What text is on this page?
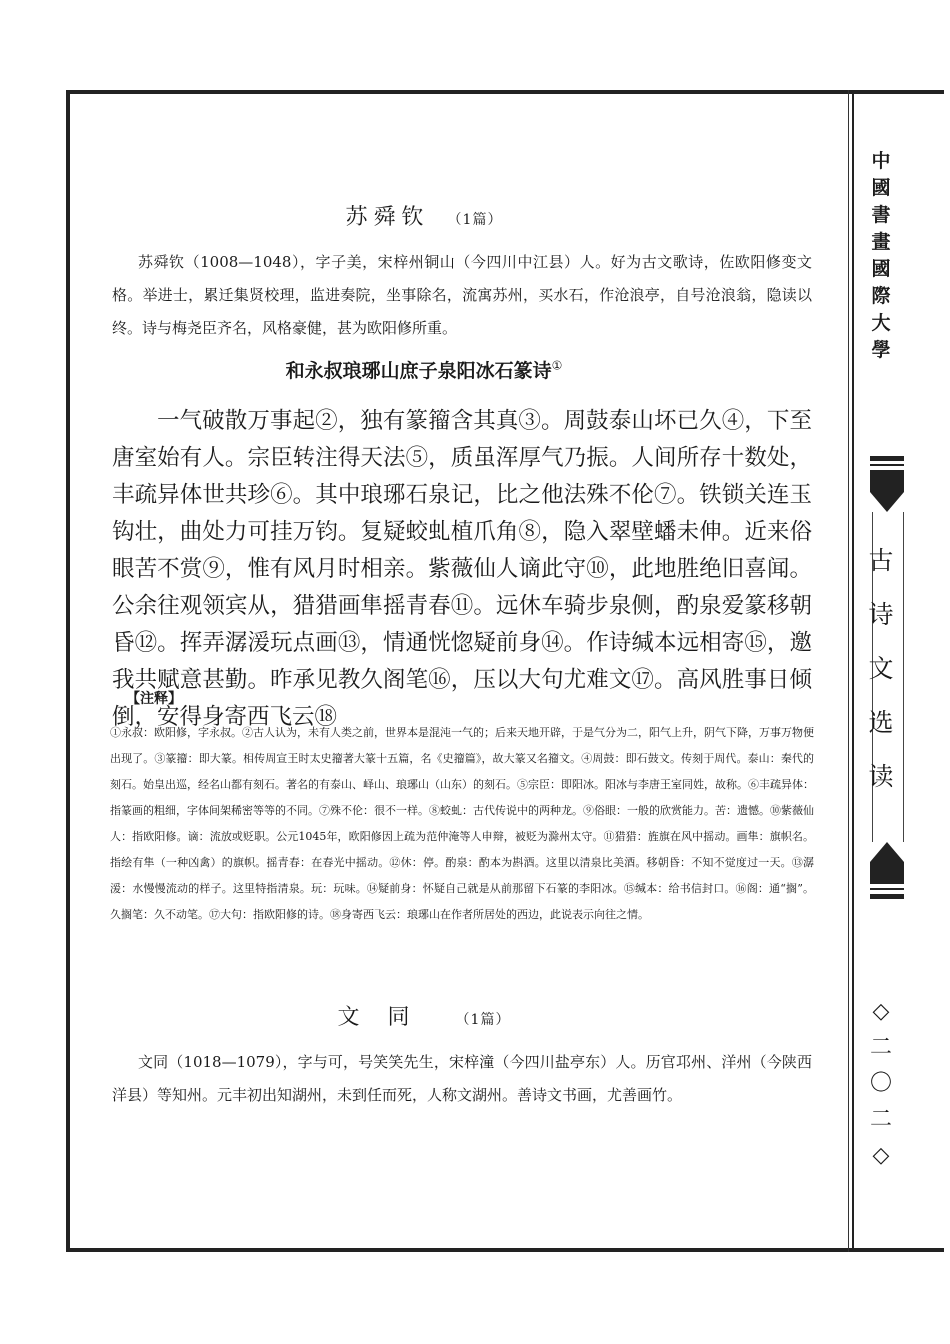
中
國
書
畫
國
際
大
學
古
诗
文
选
读
◇
二
〇
二
◇
苏舜钦 （1篇）
苏舜钦（1008—1048），字子美，宋梓州铜山（今四川中江县）人。好为古文歌诗，佐欧阳修变文格。举进士，累迁集贤校理，监进奏院，坐事除名，流寓苏州，买水石，作沧浪亭，自号沧浪翁，隐读以终。诗与梅尧臣齐名，风格豪健，甚为欧阳修所重。
和永叔琅琊山庶子泉阳冰石篆诗①
一气破散万事起②，独有篆籀含其真③。周鼓泰山坏已久④，下至唐室始有人。宗臣转注得天法⑤，质虽浑厚气乃振。人间所存十数处，丰疏异体世共珍⑥。其中琅琊石泉记，比之他法殊不伦⑦。铁锁关连玉钩壮，曲处力可挂万钧。复疑蛟虬植爪角⑧，隐入翠壁蟠未伸。近来俗眼苦不赏⑨，惟有风月时相亲。紫薇仙人谪此守⑩，此地胜绝旧喜闻。公余往观领宾从，猎猎画隼摇青春⑪。远休车骑步泉侧，酌泉爱篆移朝昏⑫。挥弄潺湲玩点画⑬，情通恍惚疑前身⑭。作诗缄本远相寄⑮，邀我共赋意甚勤。昨承见教久阁笔⑯，压以大句尤难文⑰。高风胜事日倾倒，安得身寄西飞云⑱
【注释】
①永叔：欧阳修，字永叔。②古人认为，未有人类之前，世界本是混沌一气的；后来天地开辟，于是气分为二，阳气上升，阴气下降，万事万物便出现了。③篆籀：即大篆。相传周宣王时太史籀著大篆十五篇，名《史籀篇》，故大篆又名籀文。④周鼓：即石鼓文。传刻于周代。泰山：秦代的刻石。始皇出巡，经名山都有刻石。著名的有泰山、峄山、琅琊山（山东）的刻石。⑤宗臣：即阳冰。阳冰与李唐王室同姓，故称。⑥丰疏异体：指篆画的粗细，字体间架稀密等等的不同。⑦殊不伦：很不一样。⑧蛟虬：古代传说中的两种龙。⑨俗眼：一般的欣赏能力。苦：遗憾。⑩紫薇仙人：指欧阳修。谪：流放或贬职。公元1045年，欧阳修因上疏为范仲淹等人申辩，被贬为滁州太守。⑪猎猎：旌旗在风中摇动。画隼：旗帜名。指绘有隼（一种凶禽）的旗帜。摇青春：在春光中摇动。⑫休：停。酌泉：酌本为斟酒。这里以清泉比美酒。移朝昏：不知不觉度过一天。⑬潺湲：水慢慢流动的样子。这里特指清泉。玩：玩味。⑭疑前身：怀疑自己就是从前那留下石篆的李阳冰。⑮缄本：给书信封口。⑯阁：通“搁”。久搁笔：久不动笔。⑰大句：指欧阳修的诗。⑱身寄西飞云：琅琊山在作者所居处的西边，此说表示向往之情。
文同 （1篇）
文同（1018—1079），字与可，号笑笑先生，宋梓潼（今四川盐亭东）人。历官邛州、洋州（今陕西洋县）等知州。元丰初出知湖州，未到任而死，人称文湖州。善诗文书画，尤善画竹。
